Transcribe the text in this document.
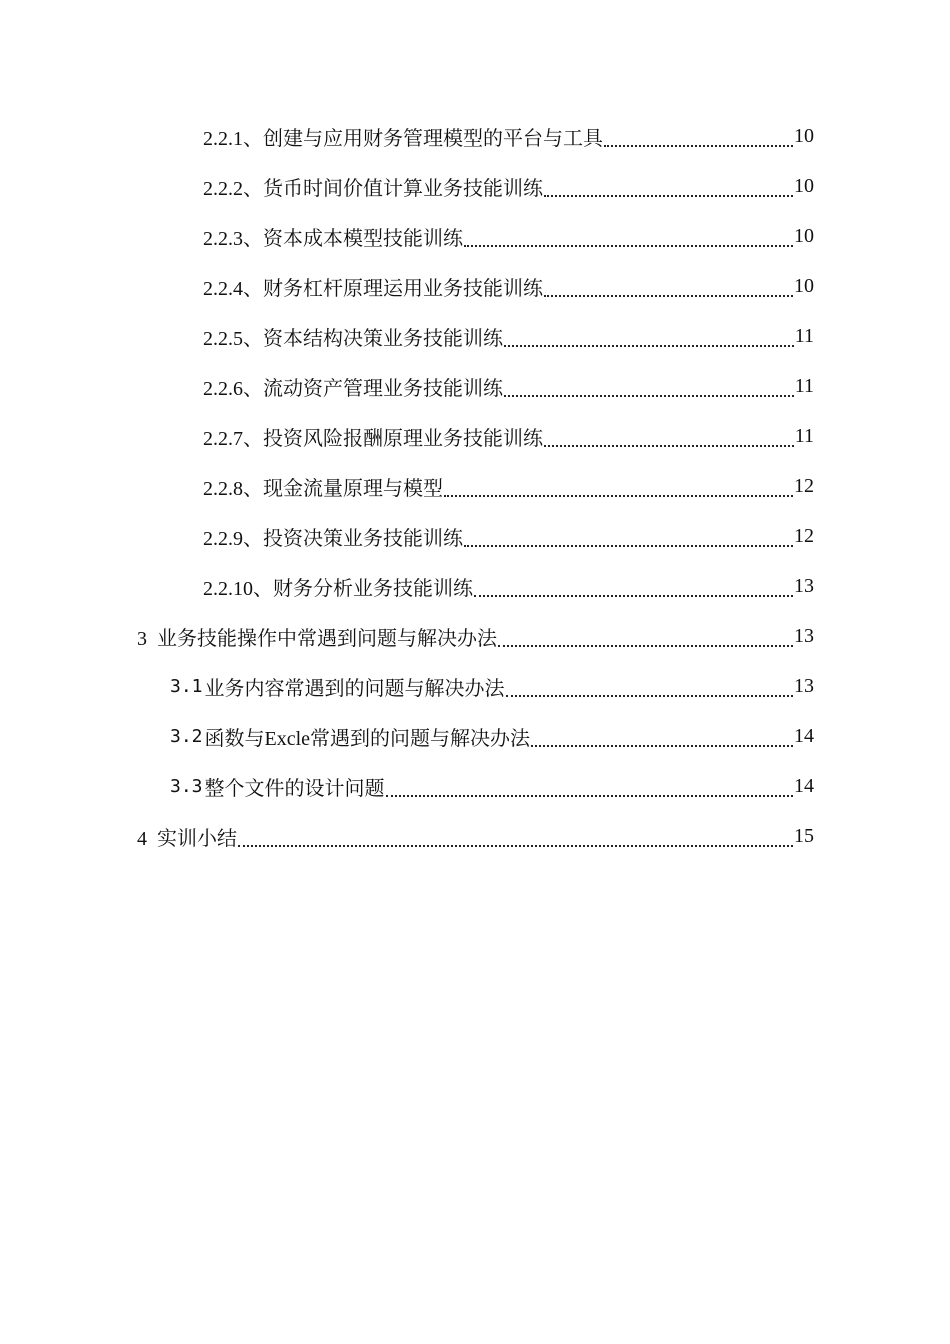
2.2.1、创建与应用财务管理模型的平台与工具	10
2.2.2、货币时间价值计算业务技能训练	10
2.2.3、资本成本模型技能训练	10
2.2.4、财务杠杆原理运用业务技能训练	10
2.2.5、资本结构决策业务技能训练	11
2.2.6、流动资产管理业务技能训练	11
2.2.7、投资风险报酬原理业务技能训练	11
2.2.8、现金流量原理与模型	12
2.2.9、投资决策业务技能训练	12
2.2.10、财务分析业务技能训练	13
3  业务技能操作中常遇到问题与解决办法	13
3.1 业务内容常遇到的问题与解决办法	13
3.2 函数与Excle常遇到的问题与解决办法	14
3.3 整个文件的设计问题	14
4  实训小结	15
